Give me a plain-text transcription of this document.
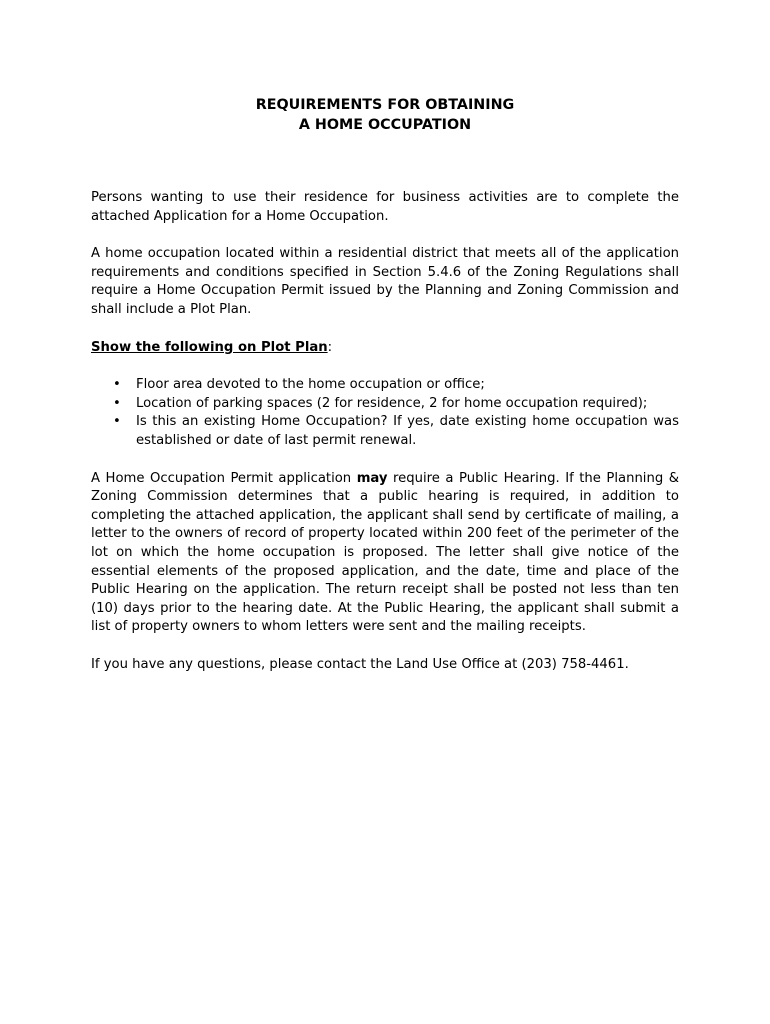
REQUIREMENTS FOR OBTAINING
A HOME OCCUPATION

Persons wanting to use their residence for business activities are to complete the attached Application for a Home Occupation.

A home occupation located within a residential district that meets all of the application requirements and conditions specified in Section 5.4.6 of the Zoning Regulations shall require a Home Occupation Permit issued by the Planning and Zoning Commission and shall include a Plot Plan.

Show the following on Plot Plan:

• Floor area devoted to the home occupation or office;
• Location of parking spaces (2 for residence, 2 for home occupation required);
• Is this an existing Home Occupation? If yes, date existing home occupation was established or date of last permit renewal.

A Home Occupation Permit application may require a Public Hearing. If the Planning & Zoning Commission determines that a public hearing is required, in addition to completing the attached application, the applicant shall send by certificate of mailing, a letter to the owners of record of property located within 200 feet of the perimeter of the lot on which the home occupation is proposed. The letter shall give notice of the essential elements of the proposed application, and the date, time and place of the Public Hearing on the application. The return receipt shall be posted not less than ten (10) days prior to the hearing date. At the Public Hearing, the applicant shall submit a list of property owners to whom letters were sent and the mailing receipts.

If you have any questions, please contact the Land Use Office at (203) 758-4461.
